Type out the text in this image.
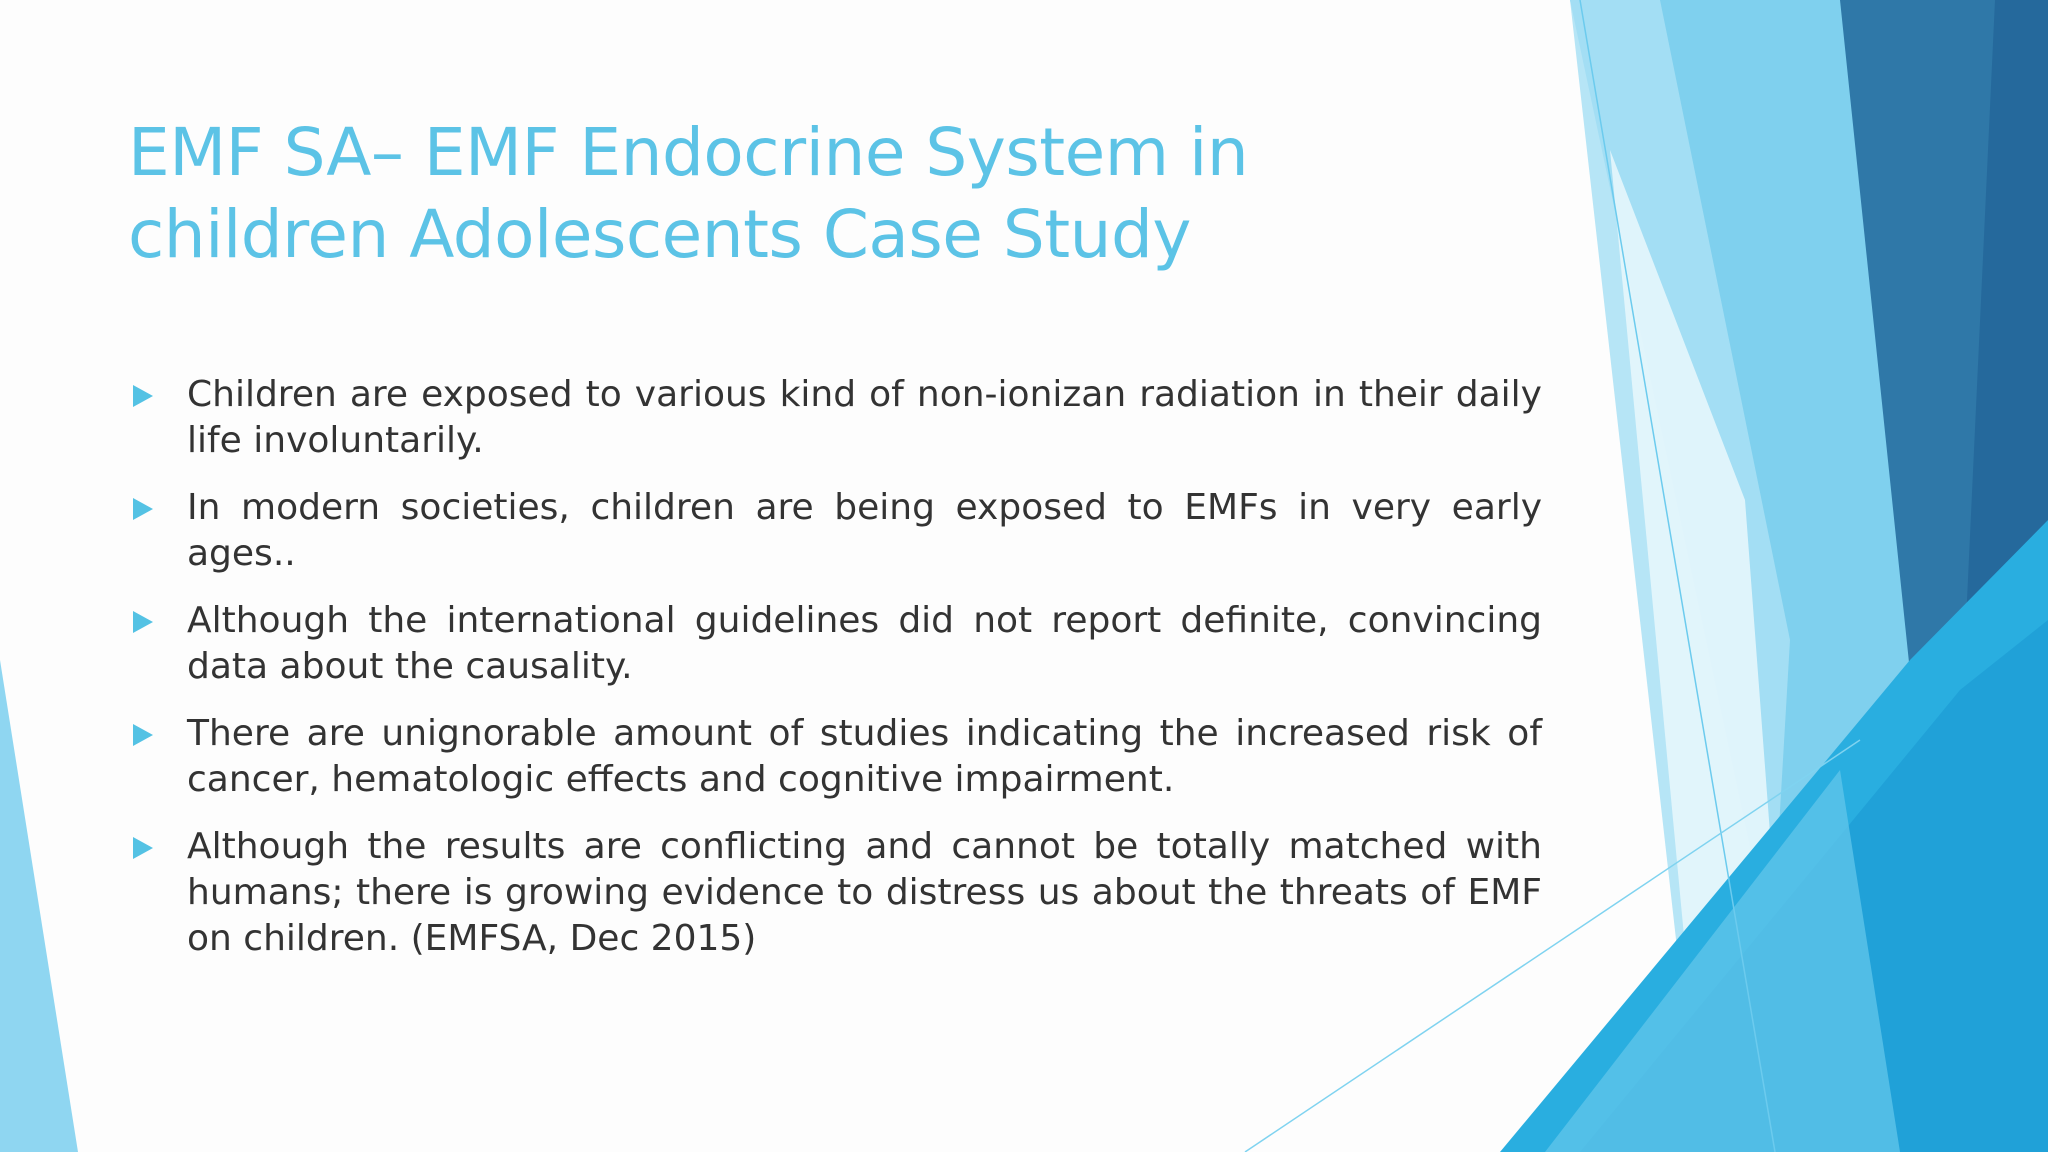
EMF SA– EMF Endocrine System in children Adolescents Case Study
Children are exposed to various kind of non-ionizan radiation in their daily life involuntarily.
In modern societies, children are being exposed to EMFs in very early ages..
Although the international guidelines did not report definite, convincing data about the causality.
There are unignorable amount of studies indicating the increased risk of cancer, hematologic effects and cognitive impairment.
Although the results are conflicting and cannot be totally matched with humans; there is growing evidence to distress us about the threats of EMF on children. (EMFSA, Dec 2015)
